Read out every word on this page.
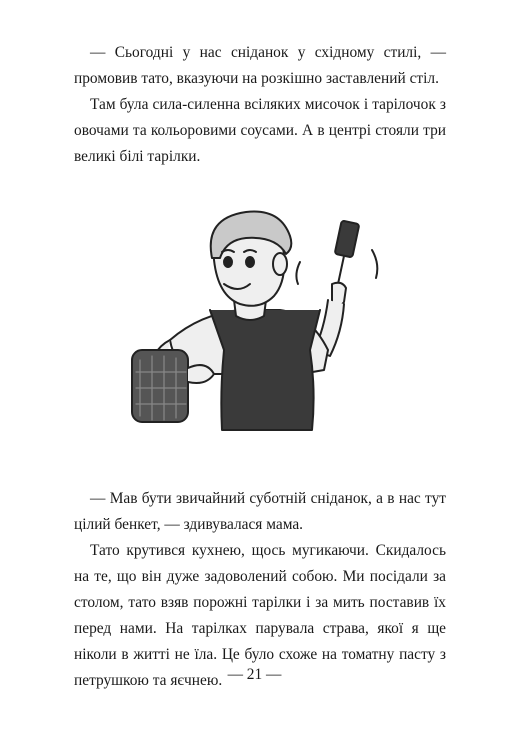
— Сьогодні у нас сніданок у східному стилі, — промовив тато, вказуючи на розкішно заставлений стіл.

Там була сила-силенна всіляких мисочок і тарілочок з овочами та кольоровими соусами. А в центрі стояли три великі білі тарілки.

— Мав бути звичайний суботній сніданок, а в нас тут цілий бенкет, — здивувалася мама.

Тато крутився кухнею, щось мугикаючи. Скидалось на те, що він дуже задоволений собою. Ми посідали за столом, тато взяв порожні тарілки і за мить поставив їх перед нами. На тарілках парувала страва, якої я ще ніколи в житті не їла. Це було схоже на томатну пасту з петрушкою та яєчнею. — 21 —
